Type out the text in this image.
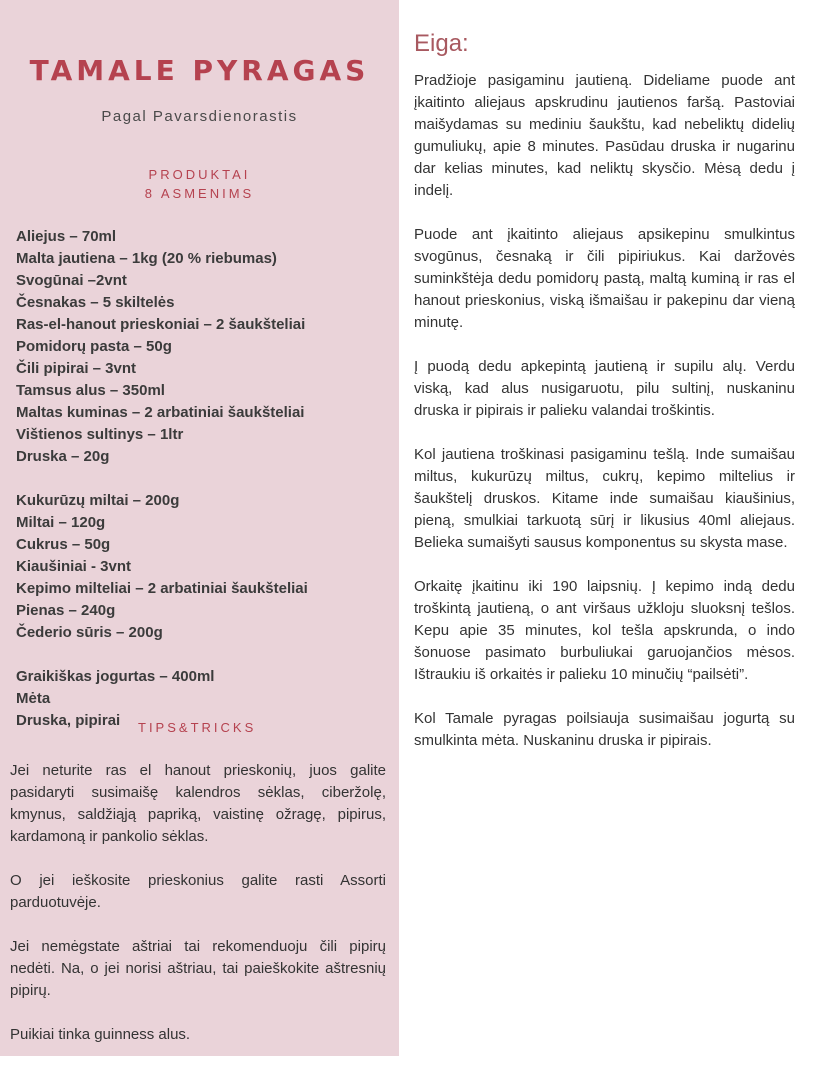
TAMALE PYRAGAS
Pagal Pavarsdienorastis
PRODUKTAI
8 ASMENIMS
Aliejus – 70ml
Malta jautiena – 1kg (20 % riebumas)
Svogūnai –2vnt
Česnakas – 5 skiltelės
Ras-el-hanout prieskoniai – 2 šaukšteliai
Pomidorų pasta – 50g
Čili pipirai – 3vnt
Tamsus alus – 350ml
Maltas kuminas – 2 arbatiniai šaukšteliai
Vištienos sultinys – 1ltr
Druska – 20g
Kukurūzų miltai – 200g
Miltai – 120g
Cukrus – 50g
Kiaušiniai - 3vnt
Kepimo milteliai – 2 arbatiniai šaukšteliai
Pienas – 240g
Čederio sūris – 200g
Graikiškas jogurtas – 400ml
Mėta
Druska, pipirai	TIPS&TRICKS
Jei neturite ras el hanout prieskonių, juos galite pasidaryti susimaišę kalendros sėklas, ciberžolę, kmynus, saldžiąją papriką, vaistinę ožragę, pipirus, kardamoną ir pankolio sėklas.
O jei ieškosite prieskonius galite rasti Assorti parduotuvėje.
Jei nemėgstate aštriai tai rekomenduoju čili pipirų nedėti. Na, o jei norisi aštriau, tai paieškokite aštresnių pipirų.
Puikiai tinka guinness alus.
Eiga:
Pradžioje pasigaminu jautieną. Dideliame puode ant įkaitinto aliejaus apskrudinu jautienos faršą. Pastoviai maišydamas su mediniu šaukštu, kad nebeliktų didelių gumuliukų, apie 8 minutes. Pasūdau druska ir nugarinu dar kelias minutes, kad neliktų skysčio. Mėsą dedu į indelį.
Puode ant įkaitinto aliejaus apsikepinu smulkintus svogūnus, česnaką ir čili pipiriukus. Kai daržovės suminkštėja dedu pomidorų pastą, maltą kuminą ir ras el hanout prieskonius, viską išmaišau ir pakepinu dar vieną minutę.
Į puodą dedu apkepintą jautieną ir supilu alų. Verdu viską, kad alus nusigaruotu, pilu sultinį, nuskaninu druska ir pipirais ir palieku valandai troškintis.
Kol jautiena troškinasi pasigaminu tešlą. Inde sumaišau miltus, kukurūzų miltus, cukrų, kepimo miltelius ir šaukštelį druskos. Kitame inde sumaišau kiaušinius, pieną, smulkiai tarkuotą sūrį ir likusius 40ml aliejaus. Belieka sumaišyti sausus komponentus su skysta mase.
Orkaitę įkaitinu iki 190 laipsnių. Į kepimo indą dedu troškintą jautieną, o ant viršaus užkloju sluoksnį tešlos. Kepu apie 35 minutes, kol tešla apskrunda, o indo šonuose pasimato burbuliukai garuojančios mėsos. Ištraukiu iš orkaitės ir palieku 10 minučių “pailsėti”.
Kol Tamale pyragas poilsiauja susimaišau jogurtą su smulkinta mėta. Nuskaninu druska ir pipirais.
